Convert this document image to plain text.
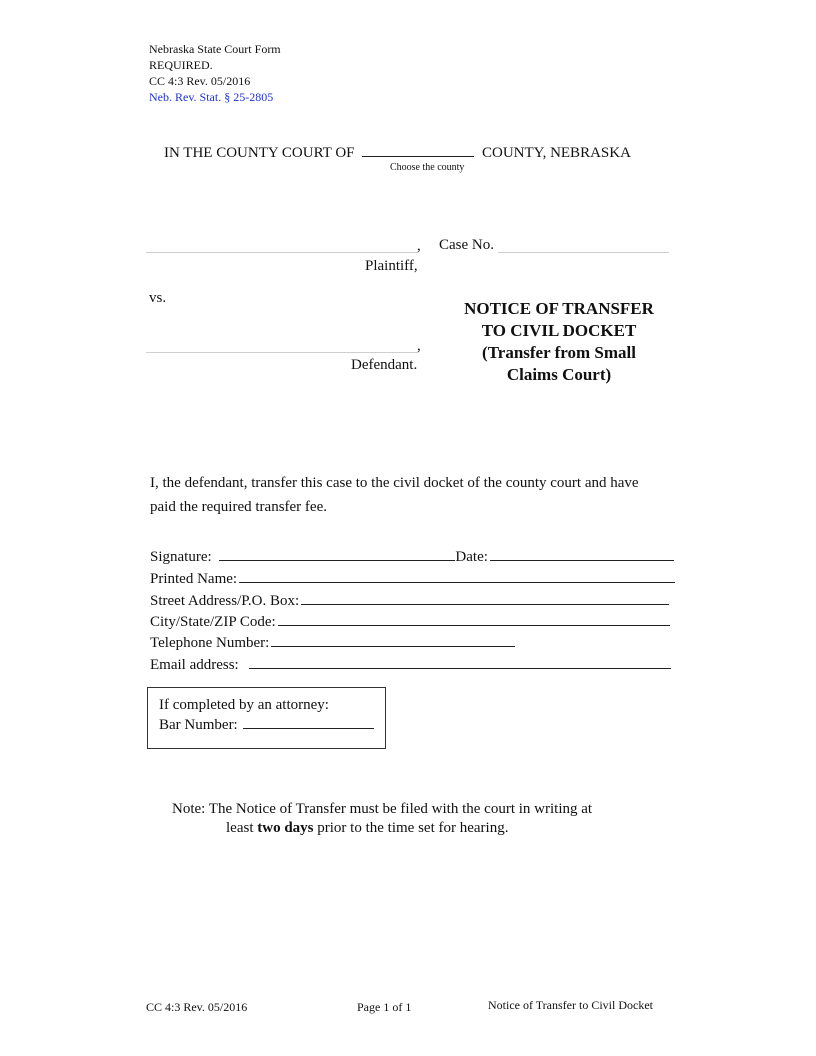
Nebraska State Court Form
REQUIRED.
CC 4:3 Rev. 05/2016
Neb. Rev. Stat. § 25-2805
IN THE COUNTY COURT OF	COUNTY, NEBRASKA
Choose the county
,
Plaintiff,
Case No.
vs.
,
Defendant.
NOTICE OF TRANSFER
TO CIVIL DOCKET
(Transfer from Small
Claims Court)
I, the defendant, transfer this case to the civil docket of the county court and have
paid the required transfer fee.
Signature:	Date:
Printed Name:
Street Address/P.O. Box:
City/State/ZIP Code:
Telephone Number:
Email address:
If completed by an attorney:
Bar Number:
Note: The Notice of Transfer must be filed with the court in writing at
least two days prior to the time set for hearing.
CC 4:3 Rev. 05/2016	Page 1 of 1	Notice of Transfer to Civil Docket
